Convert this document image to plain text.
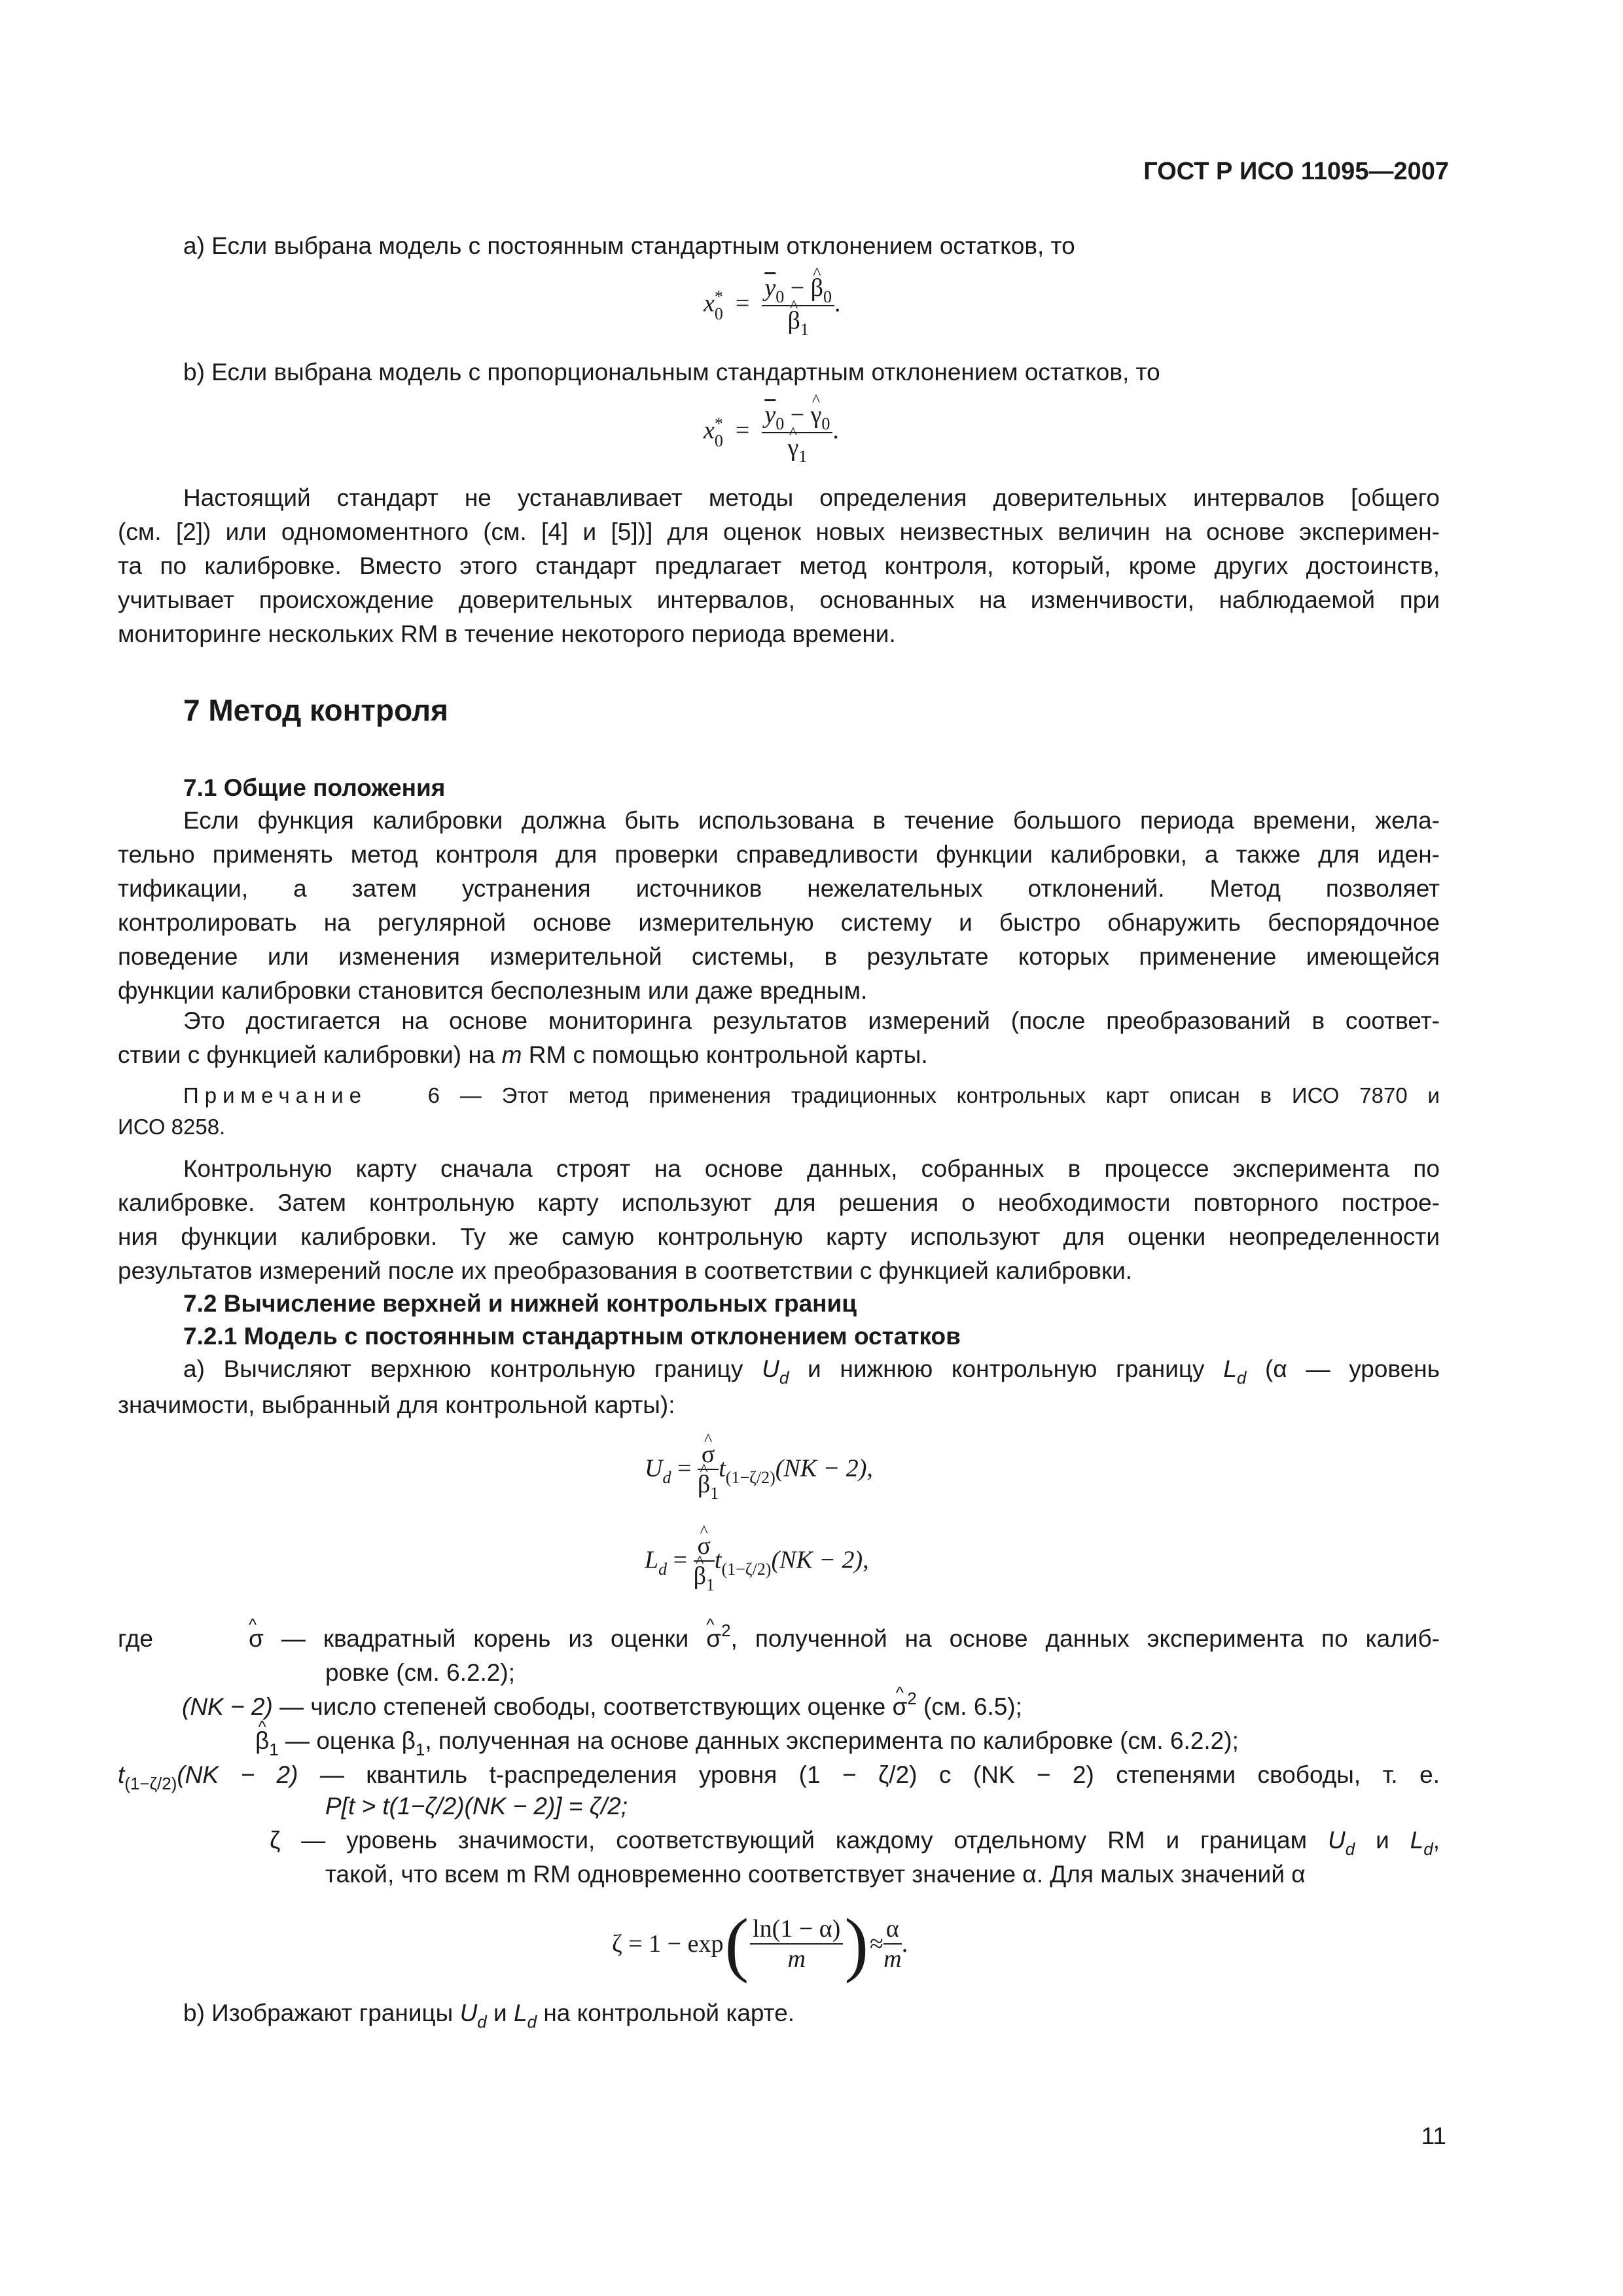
ГОСТ Р ИСО 11095—2007
a) Если выбрана модель с постоянным стандартным отклонением остатков, то
x *
$0 = \overline{y}_0$ − ^ $\beta_0$
^ $\beta_1$ .
b) Если выбрана модель с пропорциональным стандартным отклонением остатков, то
x *
$0 = \overline{y}_0$ − ^ $\gamma_0$
^ $\gamma_1$ .
Настоящий стандарт не устанавливает методы определения доверительных интервалов [общего
(см. [2]) или одномоментного (см. [4] и [5])] для оценок новых неизвестных величин на основе эксперимен-
та по калибровке. Вместо этого стандарт предлагает метод контроля, который, кроме других достоинств,
учитывает происхождение доверительных интервалов, основанных на изменчивости, наблюдаемой при
мониторинге нескольких RM в течение некоторого периода времени.
7 Метод контроля
7.1 Общие положения
Если функция калибровки должна быть использована в течение большого периода времени, жела-
тельно применять метод контроля для проверки справедливости функции калибровки, а также для иден-
тификации, а затем устранения источников нежелательных отклонений. Метод позволяет
контролировать на регулярной основе измерительную систему и быстро обнаружить беспорядочное
поведение или изменения измерительной системы, в результате которых применение имеющейся
функции калибровки становится бесполезным или даже вредным.
Это достигается на основе мониторинга результатов измерений (после преобразований в соответ-
ствии с функцией калибровки) на m RM с помощью контрольной карты.
Примечание	6 — Этот метод применения традиционных контрольных карт описан в ИСО 7870 и
ИСО 8258.
Контрольную карту сначала строят на основе данных, собранных в процессе эксперимента по
калибровке. Затем контрольную карту используют для решения о необходимости повторного построе-
ния функции калибровки. Ту же самую контрольную карту используют для оценки неопределенности
результатов измерений после их преобразования в соответствии с функцией калибровки.
7.2 Вычисление верхней и нижней контрольных границ
7.2.1 Модель с постоянным стандартным отклонением остатков
a) Вычисляют верхнюю контрольную границу $U_d$ и нижнюю контрольную границу $L_d$ (α — уровень
значимости, выбранный для контрольной карты):
$U_d$ = ^ σ
^ $\beta_1$ $t_{(1-\zeta/2)}(NK - 2)$,
$L_d$ = ^ σ
^ $\beta_1$ $t_{(1-\zeta/2)}(NK - 2)$,
где	^ σ — квадратный корень из оценки ^ $\sigma^2$, полученной на основе данных эксперимента по калиб-
ровке (см. 6.2.2);
(NK − 2) — число степеней свободы, соответствующих оценке ^ $\sigma^2$ (см. 6.5);
^ $\beta_1$ — оценка $\beta_1$, полученная на основе данных эксперимента по калибровке (см. 6.2.2);
$t_{(1-\zeta/2)}(NK - 2)$ — квантиль t-распределения уровня (1 − ζ/2) с (NK − 2) степенями свободы, т. е.
P[t > t(1−ζ/2)(NK − 2)] = ζ/2;
ζ — уровень значимости, соответствующий каждому отдельному RM и границам $U_d$ и $L_d$,
такой, что всем m RM одновременно соответствует значение α. Для малых значений α
ζ = 1 − exp ( $\frac{\ln(1 - \alpha)}{m}$ ) ≈ $\frac{\alpha}{m}$ .
b) Изображают границы $U_d$ и $L_d$ на контрольной карте.
11
